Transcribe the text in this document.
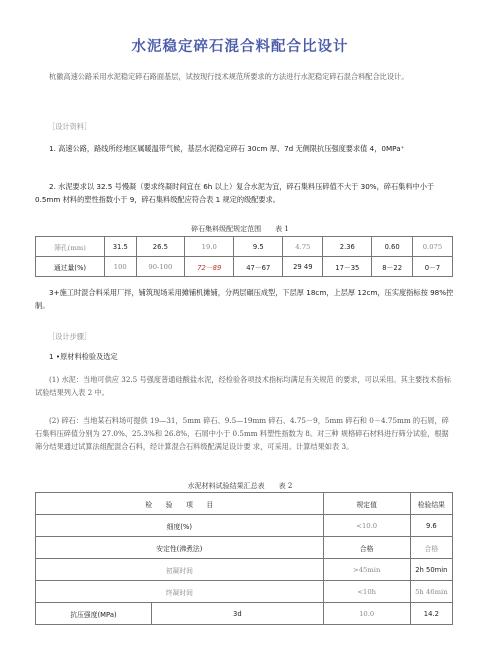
水泥稳定碎石混合料配合比设计
杭徽高速公路采用水泥稳定碎石路面基层，试按现行技术规范所要求的方法进行水泥稳定碎石混合料配合比设计。
［设计资料］
1. 高速公路，路线所经地区属暖温带气候，基层水泥稳定碎石 30cm 厚、7d 无侧限抗压强度要求值 4，0MPa⁺
2. 水泥要求以 32.5 号慢凝（要求终凝时间宜在 6h 以上）复合水泥为宜，碎石集料压碎值不大于 30%，碎石集料中小于 0.5mm 材料的塑性指数小于 9，碎石集料级配应符合表 1 规定的级配要求。
碎石集料级配规定范围　　表 1
筛孔(mm)	31.5	26.5	19.0	9.5	4.75	2.36	0.60	0.075
通过量(%)	100	90-100	72－89	47－67	29 49	17－35	8－22	0－7
3+施工时混合料采用厂拌，铺筑现场采用摊铺机摊铺，分两层碾压成型，下层厚 18cm，上层厚 12cm，压实度指标按 98%控制。
［设计步骤］
1 •原材料检验及选定
(1) 水泥：当地可供应 32.5 号强度普通硅酸盐水泥，经检验各项技术指标均满足有关规范 的要求，可以采用。其主要技术指标试验结果列入表 2 中。
(2) 碎石：当地某石料场可提供 19—31，5mm 碎石、9.5—19mm 碎石、4.75－9，5mm 碎石和 0－4.75mm 的石屑，碎石集料压碎值分别为 27.0%、25.3%和 26.8%，石屑中小于 0.5mm 料塑性指数为 8。对三种 规格碎石材料进行筛分试验，根据筛分结果通过试算法组配混合石料，经计算混合石料级配满足设计要 求，可采用。计算结果如表 3。
水泥材料试验结果汇总表　　表 2
检　　验　　项　　目		规定值	检验结果
细度(%)		<10.0	9.6
安定性(沸煮法)		合格	合格
初凝时间		>45min	2h 50min
终凝时间		<10h	5h 46min
抗压强度(MPa)	3d	10.0	14.2
